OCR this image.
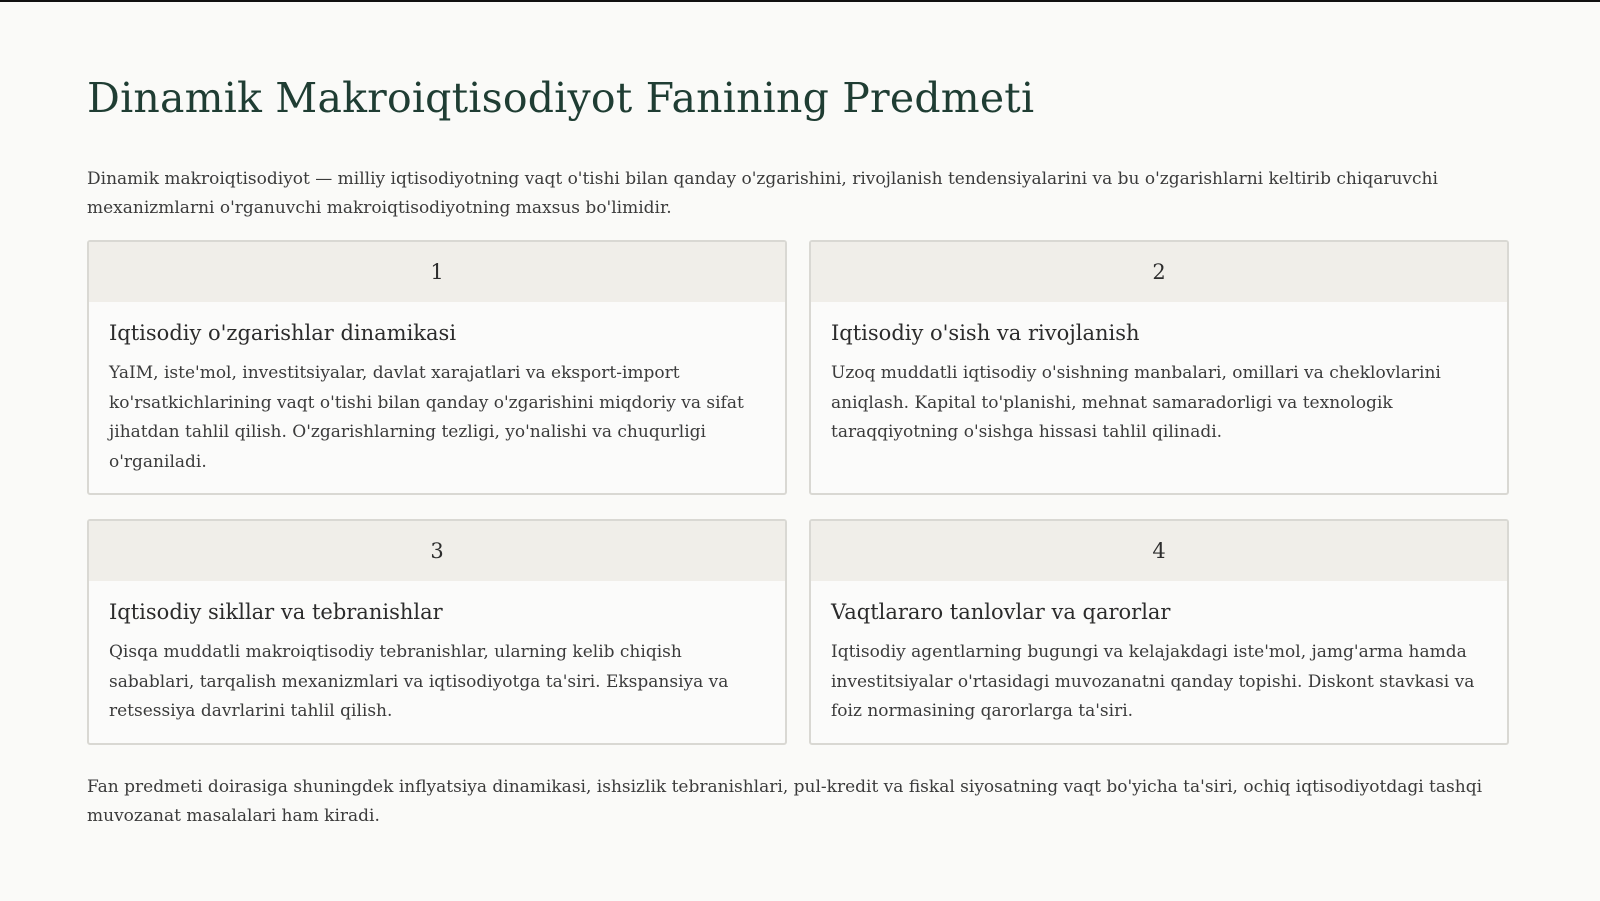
Dinamik Makroiqtisodiyot Fanining Predmeti

Dinamik makroiqtisodiyot — milliy iqtisodiyotning vaqt o'tishi bilan qanday o'zgarishini, rivojlanish tendensiyalarini va bu o'zgarishlarni keltirib chiqaruvchi mexanizmlarni o'rganuvchi makroiqtisodiyotning maxsus bo'limidir.

1
Iqtisodiy o'zgarishlar dinamikasi

YaIM, iste'mol, investitsiyalar, davlat xarajatlari va eksport-import ko'rsatkichlarining vaqt o'tishi bilan qanday o'zgarishini miqdoriy va sifat jihatdan tahlil qilish. O'zgarishlarning tezligi, yo'nalishi va chuqurligi o'rganiladi.

2
Iqtisodiy o'sish va rivojlanish

Uzoq muddatli iqtisodiy o'sishning manbalari, omillari va cheklovlarini aniqlash. Kapital to'planishi, mehnat samaradorligi va texnologik taraqqiyotning o'sishga hissasi tahlil qilinadi.

3
Iqtisodiy sikllar va tebranishlar

Qisqa muddatli makroiqtisodiy tebranishlar, ularning kelib chiqish sabablari, tarqalish mexanizmlari va iqtisodiyotga ta'siri. Ekspansiya va retsessiya davrlarini tahlil qilish.

4
Vaqtlararo tanlovlar va qarorlar

Iqtisodiy agentlarning bugungi va kelajakdagi iste'mol, jamg'arma hamda investitsiyalar o'rtasidagi muvozanatni qanday topishi. Diskont stavkasi va foiz normasining qarorlarga ta'siri.

Fan predmeti doirasiga shuningdek inflyatsiya dinamikasi, ishsizlik tebranishlari, pul-kredit va fiskal siyosatning vaqt bo'yicha ta'siri, ochiq iqtisodiyotdagi tashqi muvozanat masalalari ham kiradi.
